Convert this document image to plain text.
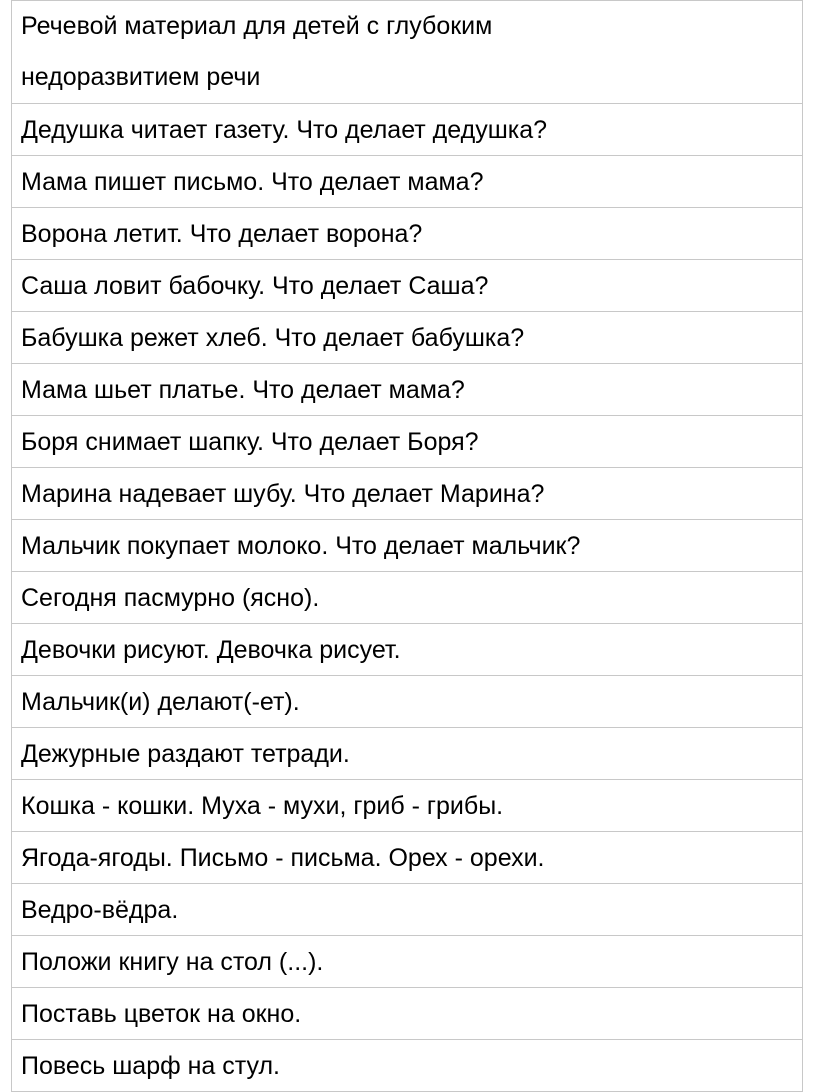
Речевой материал для детей с глубоким
недоразвитием речи

Дедушка читает газету. Что делает дедушка?
Мама пишет письмо. Что делает мама?
Ворона летит. Что делает ворона?
Саша ловит бабочку. Что делает Саша?
Бабушка режет хлеб. Что делает бабушка?
Мама шьет платье. Что делает мама?
Боря снимает шапку. Что делает Боря?
Марина надевает шубу. Что делает Марина?
Мальчик покупает молоко. Что делает мальчик?
Сегодня пасмурно (ясно).
Девочки рисуют. Девочка рисует.
Мальчик(и) делают(-ет).
Дежурные раздают тетради.
Кошка - кошки. Муха - мухи, гриб - грибы.
Ягода-ягоды. Письмо - письма. Орех - орехи.
Ведро-вёдра.
Положи книгу на стол (...).
Поставь цветок на окно.
Повесь шарф на стул.
